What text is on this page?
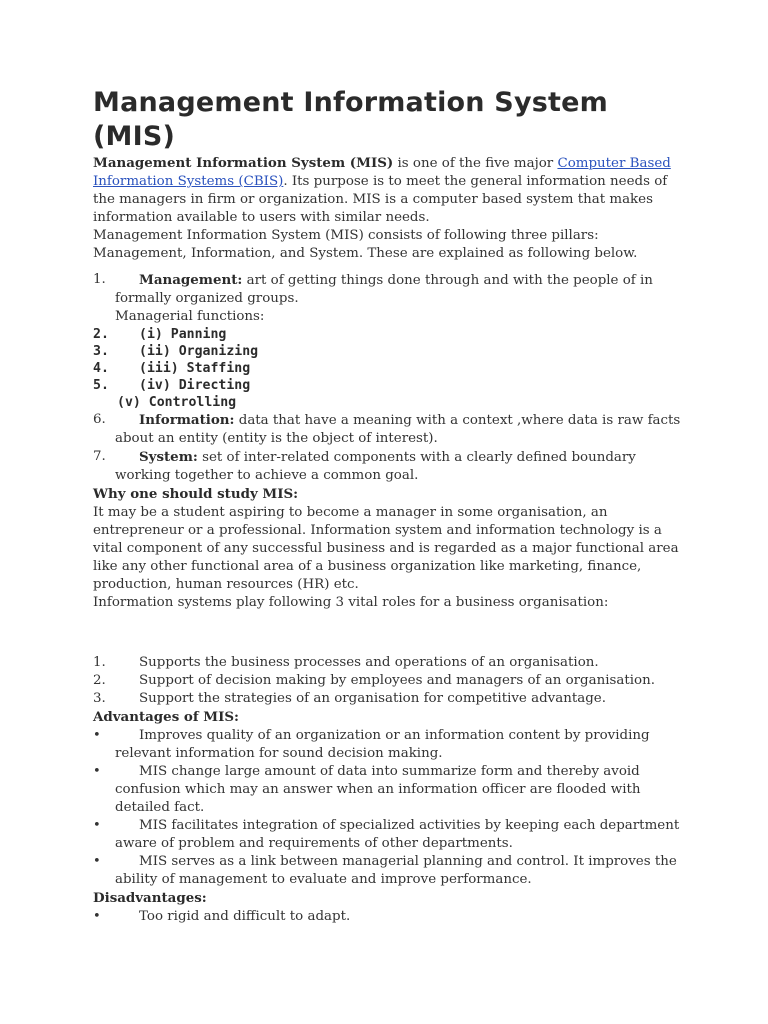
Management Information System (MIS)

Management Information System (MIS) is one of the five major Computer Based Information Systems (CBIS). Its purpose is to meet the general information needs of the managers in firm or organization. MIS is a computer based system that makes information available to users with similar needs.

Management Information System (MIS) consists of following three pillars: Management, Information, and System. These are explained as following below.

1.	Management: art of getting things done through and with the people of in formally organized groups.
Managerial functions:
2. (i) Panning
3. (ii) Organizing
4. (iii) Staffing
5. (iv) Directing
(v) Controlling
6.	Information: data that have a meaning with a context ,where data is raw facts about an entity (entity is the object of interest).
7.	System: set of inter-related components with a clearly defined boundary working together to achieve a common goal.

Why one should study MIS:

It may be a student aspiring to become a manager in some organisation, an entrepreneur or a professional. Information system and information technology is a vital component of any successful business and is regarded as a major functional area like any other functional area of a business organization like marketing, finance, production, human resources (HR) etc.

Information systems play following 3 vital roles for a business organisation:

1.	Supports the business processes and operations of an organisation.
2.	Support of decision making by employees and managers of an organisation.
3.	Support the strategies of an organisation for competitive advantage.

Advantages of MIS:

•	Improves quality of an organization or an information content by providing relevant information for sound decision making.
•	MIS change large amount of data into summarize form and thereby avoid confusion which may an answer when an information officer are flooded with detailed fact.
•	MIS facilitates integration of specialized activities by keeping each department aware of problem and requirements of other departments.
•	MIS serves as a link between managerial planning and control. It improves the ability of management to evaluate and improve performance.

Disadvantages:

•	Too rigid and difficult to adapt.
